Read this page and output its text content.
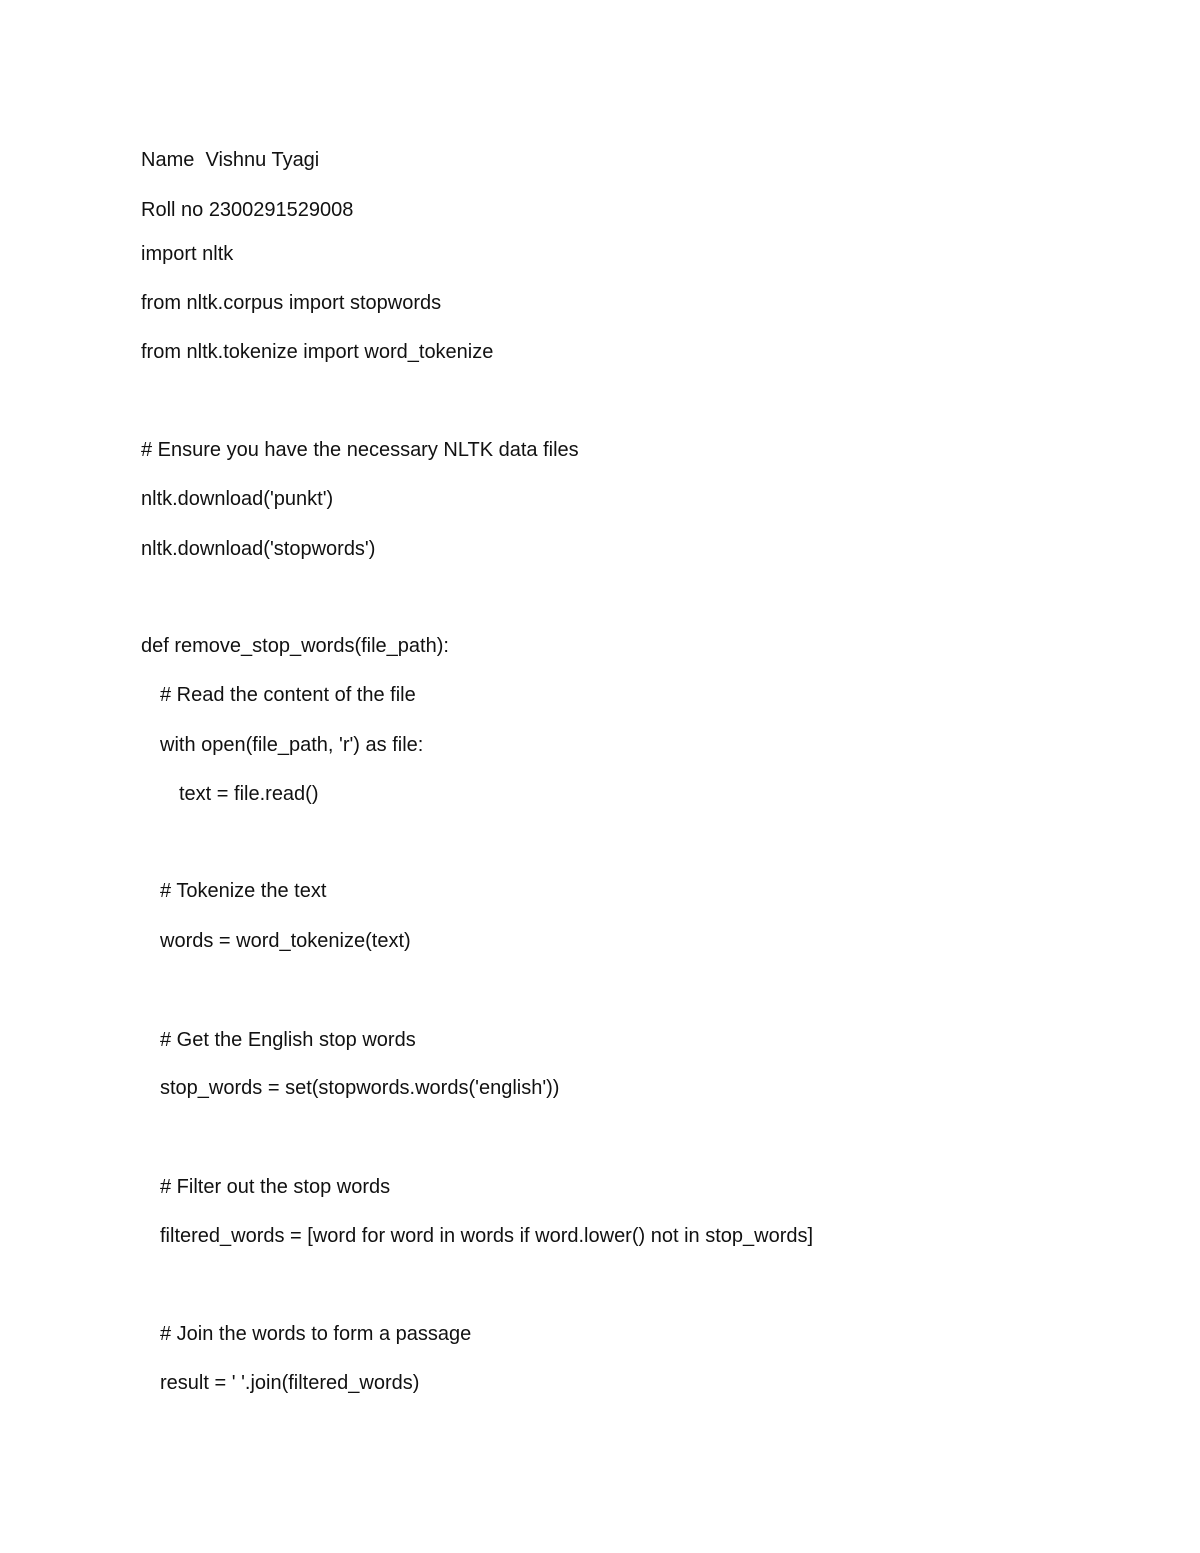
Name  Vishnu Tyagi

Roll no 2300291529008

import nltk

from nltk.corpus import stopwords

from nltk.tokenize import word_tokenize

# Ensure you have the necessary NLTK data files

nltk.download('punkt')

nltk.download('stopwords')

def remove_stop_words(file_path):

# Read the content of the file

with open(file_path, 'r') as file:

text = file.read()

# Tokenize the text

words = word_tokenize(text)

# Get the English stop words

stop_words = set(stopwords.words('english'))

# Filter out the stop words

filtered_words = [word for word in words if word.lower() not in stop_words]

# Join the words to form a passage

result = ' '.join(filtered_words)
